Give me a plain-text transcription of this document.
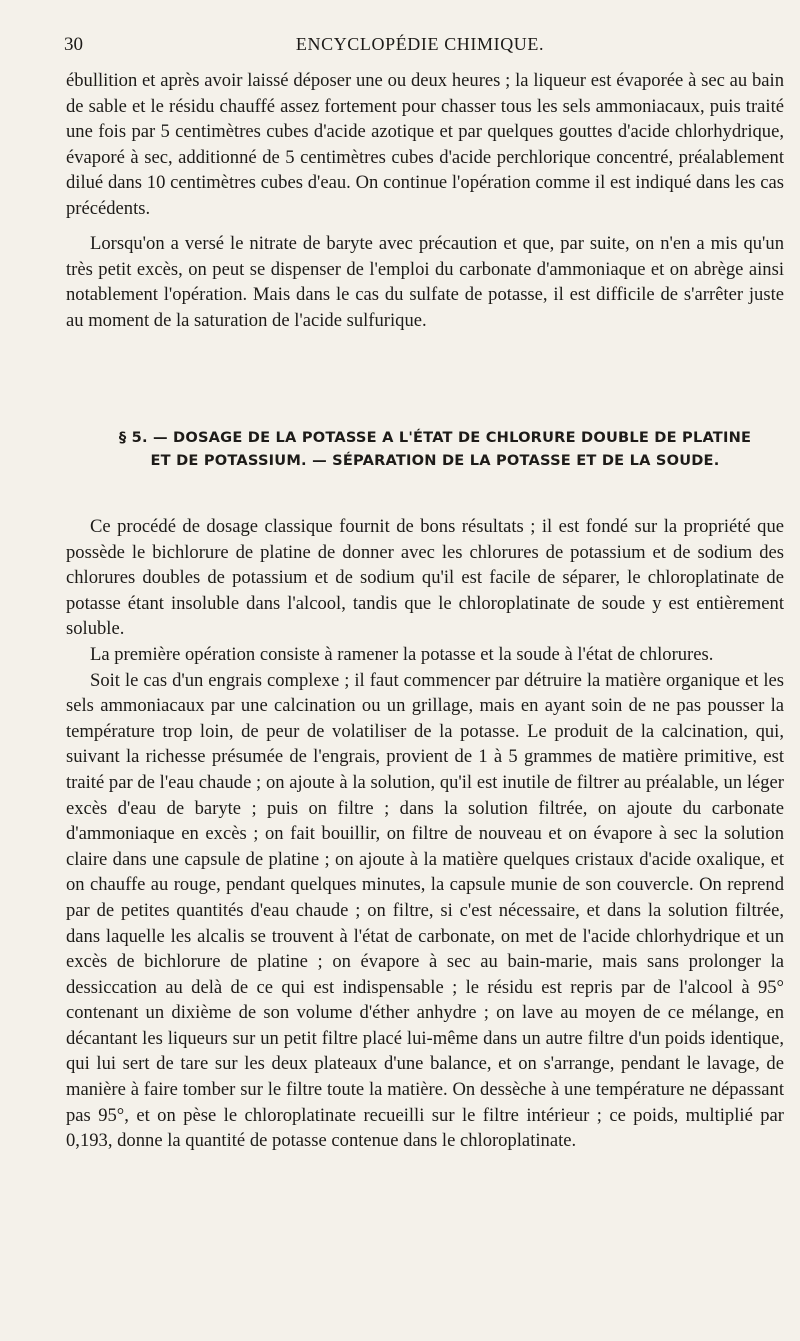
30	ENCYCLOPÉDIE CHIMIQUE.

ébullition et après avoir laissé déposer une ou deux heures ; la liqueur est évaporée à sec au bain de sable et le résidu chauffé assez fortement pour chasser tous les sels ammoniacaux, puis traité une fois par 5 centimètres cubes d'acide azotique et par quelques gouttes d'acide chlorhydrique, évaporé à sec, additionné de 5 centimètres cubes d'acide perchlorique concentré, préalablement dilué dans 10 centimètres cubes d'eau. On continue l'opération comme il est indiqué dans les cas précédents.

Lorsqu'on a versé le nitrate de baryte avec précaution et que, par suite, on n'en a mis qu'un très petit excès, on peut se dispenser de l'emploi du carbonate d'ammoniaque et on abrège ainsi notablement l'opération. Mais dans le cas du sulfate de potasse, il est difficile de s'arrêter juste au moment de la saturation de l'acide sulfurique.

§ 5. — DOSAGE DE LA POTASSE A L'ÉTAT DE CHLORURE DOUBLE DE PLATINE ET DE POTASSIUM. — SÉPARATION DE LA POTASSE ET DE LA SOUDE.

Ce procédé de dosage classique fournit de bons résultats ; il est fondé sur la propriété que possède le bichlorure de platine de donner avec les chlorures de potassium et de sodium des chlorures doubles de potassium et de sodium qu'il est facile de séparer, le chloroplatinate de potasse étant insoluble dans l'alcool, tandis que le chloroplatinate de soude y est entièrement soluble.

La première opération consiste à ramener la potasse et la soude à l'état de chlorures.

Soit le cas d'un engrais complexe ; il faut commencer par détruire la matière organique et les sels ammoniacaux par une calcination ou un grillage, mais en ayant soin de ne pas pousser la température trop loin, de peur de volatiliser de la potasse. Le produit de la calcination, qui, suivant la richesse présumée de l'engrais, provient de 1 à 5 grammes de matière primitive, est traité par de l'eau chaude ; on ajoute à la solution, qu'il est inutile de filtrer au préalable, un léger excès d'eau de baryte ; puis on filtre ; dans la solution filtrée, on ajoute du carbonate d'ammoniaque en excès ; on fait bouillir, on filtre de nouveau et on évapore à sec la solution claire dans une capsule de platine ; on ajoute à la matière quelques cristaux d'acide oxalique, et on chauffe au rouge, pendant quelques minutes, la capsule munie de son couvercle. On reprend par de petites quantités d'eau chaude ; on filtre, si c'est nécessaire, et dans la solution filtrée, dans laquelle les alcalis se trouvent à l'état de carbonate, on met de l'acide chlorhydrique et un excès de bichlorure de platine ; on évapore à sec au bain-marie, mais sans prolonger la dessiccation au delà de ce qui est indispensable ; le résidu est repris par de l'alcool à 95° contenant un dixième de son volume d'éther anhydre ; on lave au moyen de ce mélange, en décantant les liqueurs sur un petit filtre placé lui-même dans un autre filtre d'un poids identique, qui lui sert de tare sur les deux plateaux d'une balance, et on s'arrange, pendant le lavage, de manière à faire tomber sur le filtre toute la matière. On dessèche à une température ne dépassant pas 95°, et on pèse le chloroplatinate recueilli sur le filtre intérieur ; ce poids, multiplié par 0,193, donne la quantité de potasse contenue dans le chloroplatinate.
